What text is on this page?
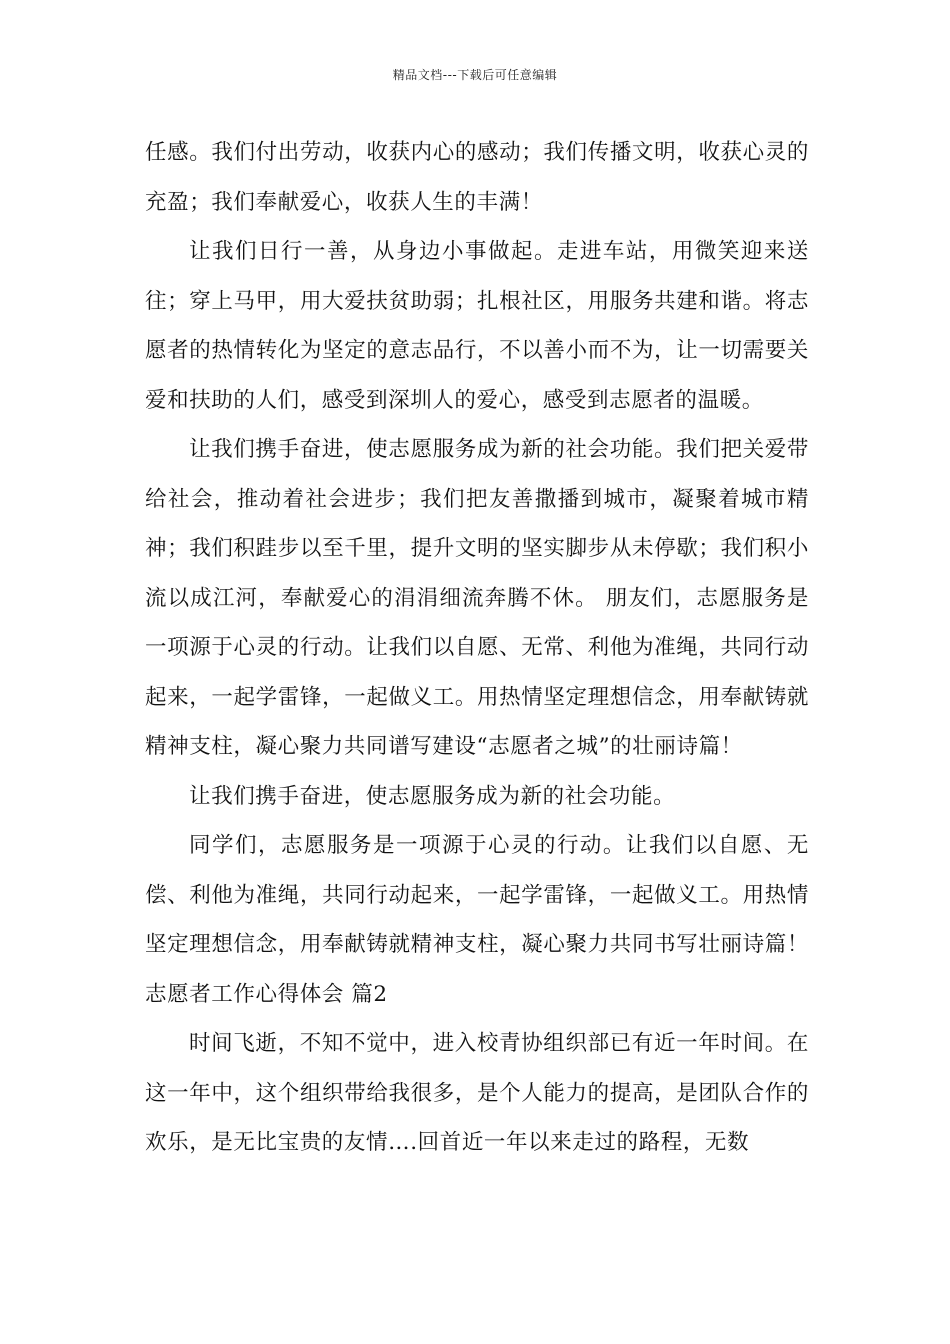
精品文档---下载后可任意编辑

任感。我们付出劳动，收获内心的感动；我们传播文明，收获心灵的充盈；我们奉献爱心，收获人生的丰满！

让我们日行一善，从身边小事做起。走进车站，用微笑迎来送往；穿上马甲，用大爱扶贫助弱；扎根社区，用服务共建和谐。将志愿者的热情转化为坚定的意志品行，不以善小而不为，让一切需要关爱和扶助的人们，感受到深圳人的爱心，感受到志愿者的温暖。

让我们携手奋进，使志愿服务成为新的社会功能。我们把关爱带给社会，推动着社会进步；我们把友善撒播到城市，凝聚着城市精神；我们积跬步以至千里，提升文明的坚实脚步从未停歇；我们积小流以成江河，奉献爱心的涓涓细流奔腾不休。 朋友们，志愿服务是一项源于心灵的行动。让我们以自愿、无常、利他为准绳，共同行动起来，一起学雷锋，一起做义工。用热情坚定理想信念，用奉献铸就精神支柱，凝心聚力共同谱写建设“志愿者之城”的壮丽诗篇！

让我们携手奋进，使志愿服务成为新的社会功能。

同学们，志愿服务是一项源于心灵的行动。让我们以自愿、无偿、利他为准绳，共同行动起来，一起学雷锋，一起做义工。用热情坚定理想信念，用奉献铸就精神支柱，凝心聚力共同书写壮丽诗篇！志愿者工作心得体会 篇2

时间飞逝，不知不觉中，进入校青协组织部已有近一年时间。在这一年中，这个组织带给我很多，是个人能力的提高，是团队合作的欢乐，是无比宝贵的友情….回首近一年以来走过的路程，无数
